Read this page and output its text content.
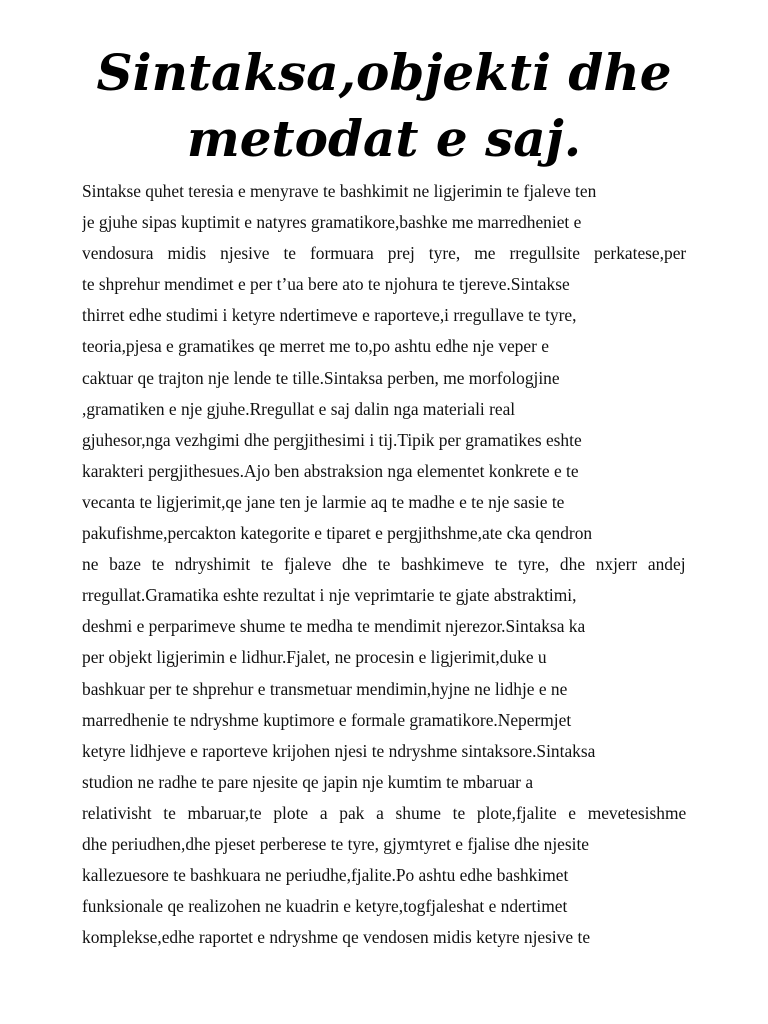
Sintaksa,objekti dhe
metodat e saj.
Sintakse quhet teresia e menyrave te bashkimit ne ligjerimin te fjaleve ten
je gjuhe sipas kuptimit e natyres gramatikore,bashke me marredheniet e
vendosura midis njesive te formuara prej tyre, me rregullsite perkatese,per
te shprehur mendimet e per t’ua bere ato te njohura te tjereve.Sintakse
thirret edhe studimi i ketyre ndertimeve e raporteve,i rregullave te tyre,
teoria,pjesa e gramatikes qe merret me to,po ashtu edhe nje veper e
caktuar qe trajton nje lende te tille.Sintaksa perben, me morfologjine
,gramatiken e nje gjuhe.Rregullat e saj dalin nga materiali real
gjuhesor,nga vezhgimi dhe pergjithesimi i tij.Tipik per gramatikes eshte
karakteri pergjithesues.Ajo ben abstraksion nga elementet konkrete e te
vecanta te ligjerimit,qe jane ten je larmie aq te madhe e te nje sasie te
pakufishme,percakton kategorite e tiparet e pergjithshme,ate cka qendron
ne baze te ndryshimit te fjaleve dhe te bashkimeve te tyre, dhe nxjerr andej
rregullat.Gramatika eshte rezultat i nje veprimtarie te gjate abstraktimi,
deshmi e perparimeve shume te medha te mendimit njerezor.Sintaksa ka
per objekt ligjerimin e lidhur.Fjalet, ne procesin e ligjerimit,duke u
bashkuar per te shprehur e transmetuar mendimin,hyjne ne lidhje e ne
marredhenie te ndryshme kuptimore e formale gramatikore.Nepermjet
ketyre lidhjeve e raporteve krijohen njesi te ndryshme sintaksore.Sintaksa
studion ne radhe te pare njesite qe japin nje kumtim te mbaruar a
relativisht te mbaruar,te plote a pak a shume te plote,fjalite e mevetesishme
dhe periudhen,dhe pjeset perberese te tyre, gjymtyret e fjalise dhe njesite
kallezuesore te bashkuara ne periudhe,fjalite.Po ashtu edhe bashkimet
funksionale qe realizohen ne kuadrin e ketyre,togfjaleshat e ndertimet
komplekse,edhe raportet e ndryshme qe vendosen midis ketyre njesive te
